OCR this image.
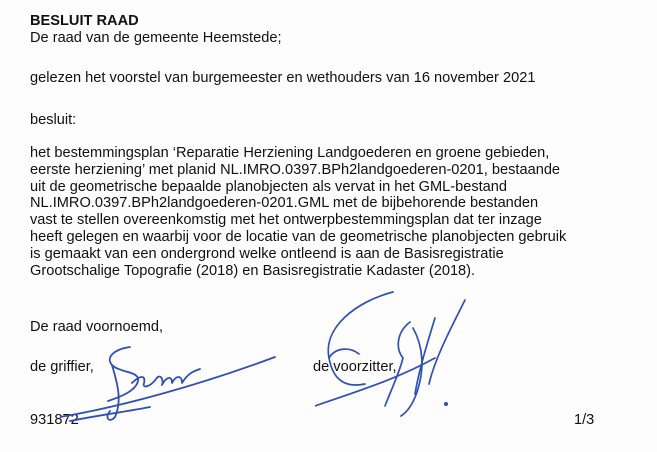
BESLUIT RAAD

De raad van de gemeente Heemstede;

gelezen het voorstel van burgemeester en wethouders van 16 november 2021

besluit:

het bestemmingsplan ‘Reparatie Herziening Landgoederen en groene gebieden,
eerste herziening’ met planid NL.IMRO.0397.BPh2landgoederen-0201, bestaande
uit de geometrische bepaalde planobjecten als vervat in het GML-bestand
NL.IMRO.0397.BPh2landgoederen-0201.GML met de bijbehorende bestanden
vast te stellen overeenkomstig met het ontwerpbestemmingsplan dat ter inzage
heeft gelegen en waarbij voor de locatie van de geometrische planobjecten gebruik
is gemaakt van een ondergrond welke ontleend is aan de Basisregistratie
Grootschalige Topografie (2018) en Basisregistratie Kadaster (2018).

De raad voornoemd,

de griffier,	de voorzitter,

931872	1/3
